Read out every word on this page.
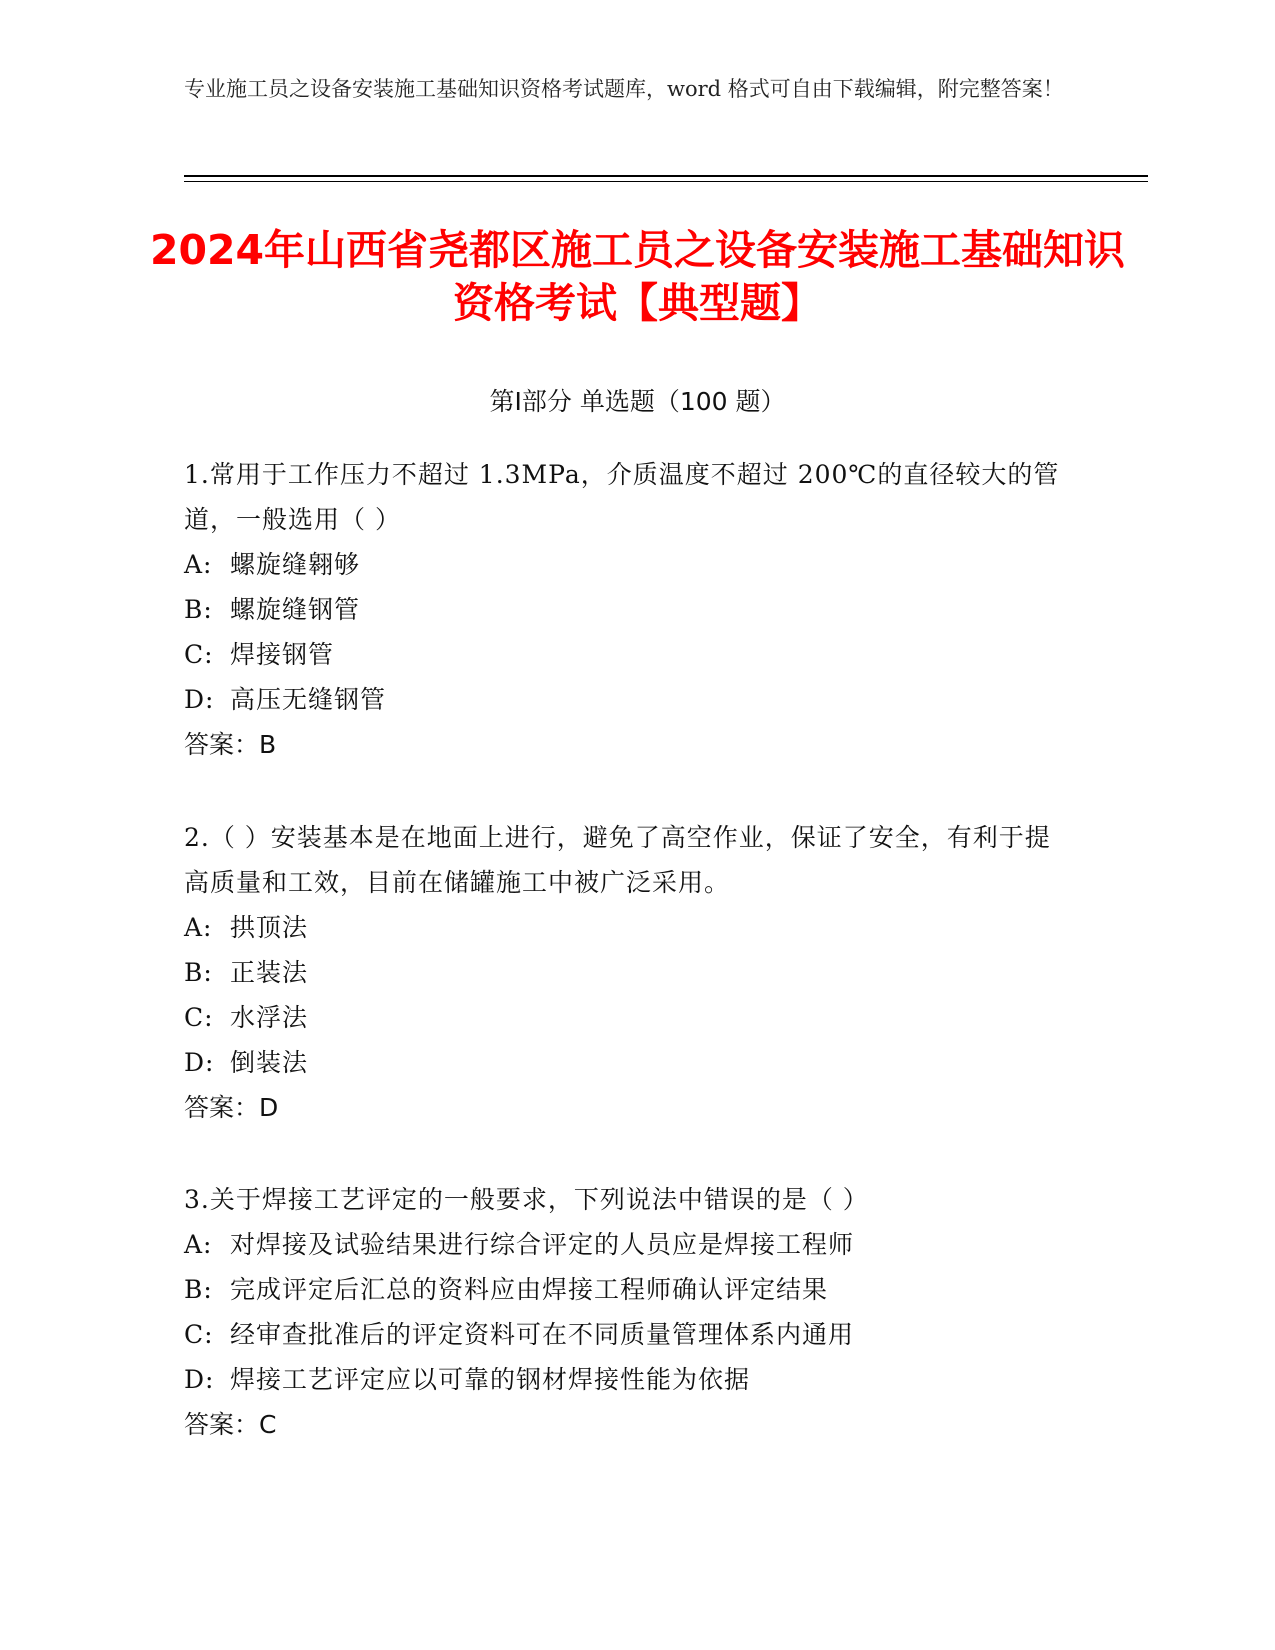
专业施工员之设备安装施工基础知识资格考试题库，word 格式可自由下载编辑，附完整答案！
2024年山西省尧都区施工员之设备安装施工基础知识资格考试【典型题】
第I部分 单选题（100 题）
1.常用于工作压力不超过 1.3MPa，介质温度不超过 200℃的直径较大的管道，一般选用（ ）
A: 螺旋缝翱够
B: 螺旋缝钢管
C: 焊接钢管
D: 高压无缝钢管
答案：B
2.（ ）安装基本是在地面上进行，避免了高空作业，保证了安全，有利于提高质量和工效，目前在储罐施工中被广泛采用。
A: 拱顶法
B: 正装法
C: 水浮法
D: 倒装法
答案：D
3.关于焊接工艺评定的一般要求，下列说法中错误的是（ ）
A: 对焊接及试验结果进行综合评定的人员应是焊接工程师
B: 完成评定后汇总的资料应由焊接工程师确认评定结果
C: 经审查批准后的评定资料可在不同质量管理体系内通用
D: 焊接工艺评定应以可靠的钢材焊接性能为依据
答案：C
